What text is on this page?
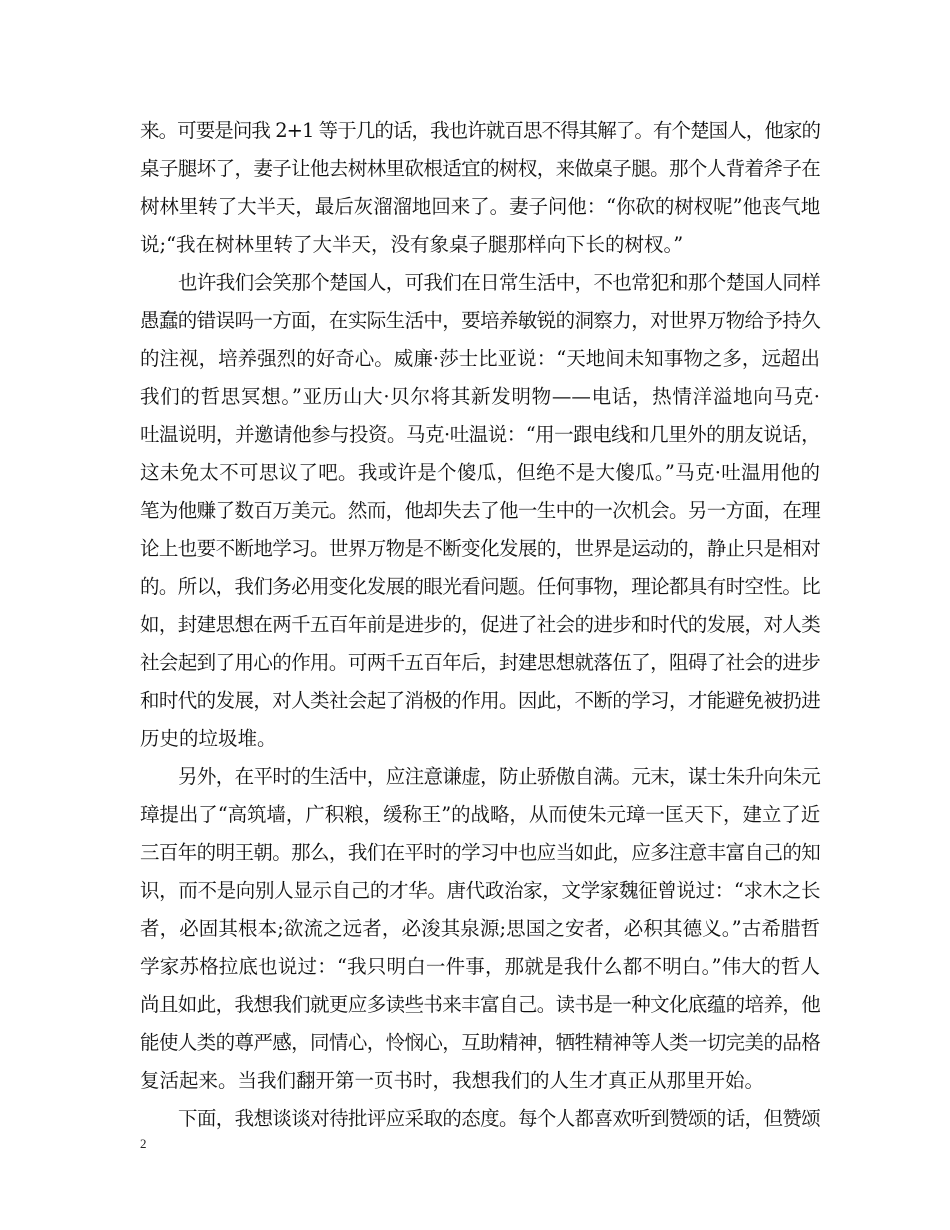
来。可要是问我 2+1 等于几的话，我也许就百思不得其解了。有个楚国人，他家的
桌子腿坏了，妻子让他去树林里砍根适宜的树杈，来做桌子腿。那个人背着斧子在
树林里转了大半天，最后灰溜溜地回来了。妻子问他：“你砍的树杈呢”他丧气地
说;“我在树林里转了大半天，没有象桌子腿那样向下长的树杈。”
也许我们会笑那个楚国人，可我们在日常生活中，不也常犯和那个楚国人同样
愚蠢的错误吗一方面，在实际生活中，要培养敏锐的洞察力，对世界万物给予持久
的注视，培养强烈的好奇心。威廉·莎士比亚说：“天地间未知事物之多，远超出
我们的哲思冥想。”亚历山大·贝尔将其新发明物——电话，热情洋溢地向马克·
吐温说明，并邀请他参与投资。马克·吐温说：“用一跟电线和几里外的朋友说话，
这未免太不可思议了吧。我或许是个傻瓜，但绝不是大傻瓜。”马克·吐温用他的
笔为他赚了数百万美元。然而，他却失去了他一生中的一次机会。另一方面，在理
论上也要不断地学习。世界万物是不断变化发展的，世界是运动的，静止只是相对
的。所以，我们务必用变化发展的眼光看问题。任何事物，理论都具有时空性。比
如，封建思想在两千五百年前是进步的，促进了社会的进步和时代的发展，对人类
社会起到了用心的作用。可两千五百年后，封建思想就落伍了，阻碍了社会的进步
和时代的发展，对人类社会起了消极的作用。因此，不断的学习，才能避免被扔进
历史的垃圾堆。
另外，在平时的生活中，应注意谦虚，防止骄傲自满。元末，谋士朱升向朱元
璋提出了“高筑墙，广积粮，缓称王”的战略，从而使朱元璋一匡天下，建立了近
三百年的明王朝。那么，我们在平时的学习中也应当如此，应多注意丰富自己的知
识，而不是向别人显示自己的才华。唐代政治家，文学家魏征曾说过：“求木之长
者，必固其根本;欲流之远者，必浚其泉源;思国之安者，必积其德义。”古希腊哲
学家苏格拉底也说过：“我只明白一件事，那就是我什么都不明白。”伟大的哲人
尚且如此，我想我们就更应多读些书来丰富自己。读书是一种文化底蕴的培养，他
能使人类的尊严感，同情心，怜悯心，互助精神，牺牲精神等人类一切完美的品格
复活起来。当我们翻开第一页书时，我想我们的人生才真正从那里开始。
下面，我想谈谈对待批评应采取的态度。每个人都喜欢听到赞颂的话，但赞颂
2
